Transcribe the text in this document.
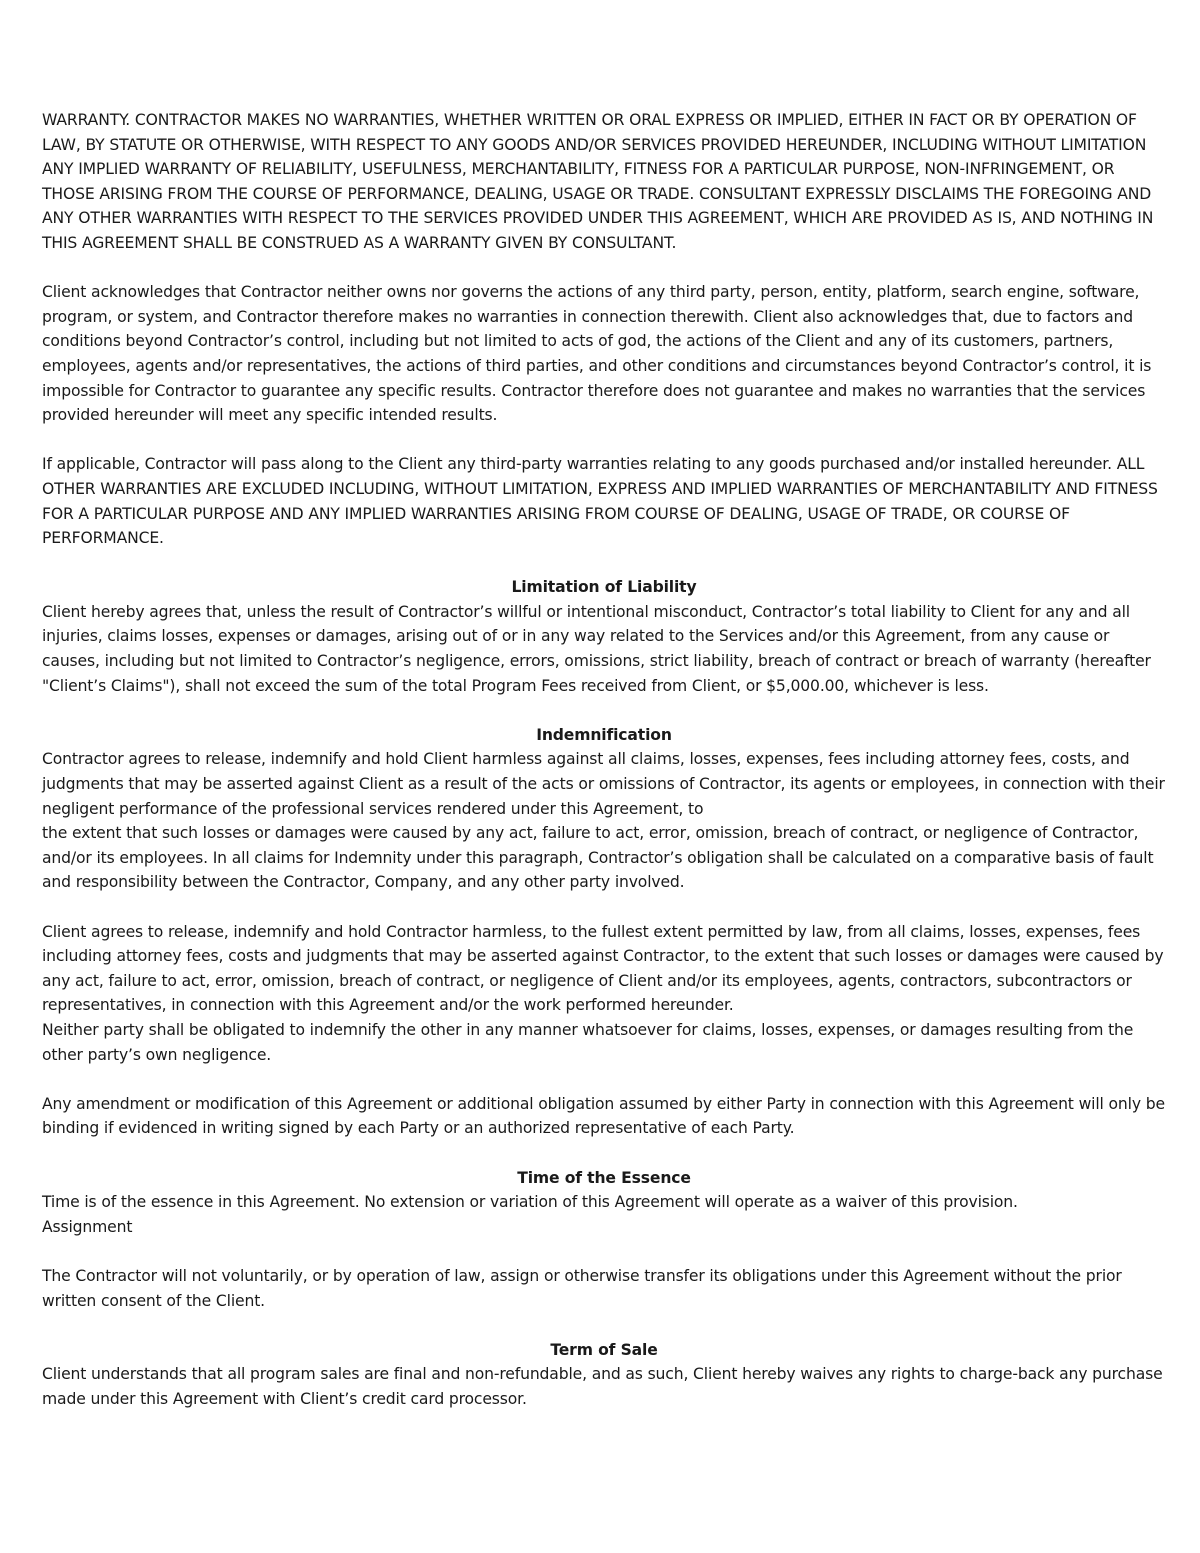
WARRANTY. CONTRACTOR MAKES NO WARRANTIES, WHETHER WRITTEN OR ORAL EXPRESS OR IMPLIED, EITHER IN FACT OR BY OPERATION OF LAW, BY STATUTE OR OTHERWISE, WITH RESPECT TO ANY GOODS AND/OR SERVICES PROVIDED HEREUNDER, INCLUDING WITHOUT LIMITATION ANY IMPLIED WARRANTY OF RELIABILITY, USEFULNESS, MERCHANTABILITY, FITNESS FOR A PARTICULAR PURPOSE, NON-INFRINGEMENT, OR THOSE ARISING FROM THE COURSE OF PERFORMANCE, DEALING, USAGE OR TRADE. CONSULTANT EXPRESSLY DISCLAIMS THE FOREGOING AND ANY OTHER WARRANTIES WITH RESPECT TO THE SERVICES PROVIDED UNDER THIS AGREEMENT, WHICH ARE PROVIDED AS IS, AND NOTHING IN THIS AGREEMENT SHALL BE CONSTRUED AS A WARRANTY GIVEN BY CONSULTANT.

Client acknowledges that Contractor neither owns nor governs the actions of any third party, person, entity, platform, search engine, software, program, or system, and Contractor therefore makes no warranties in connection therewith. Client also acknowledges that, due to factors and conditions beyond Contractor’s control, including but not limited to acts of god, the actions of the Client and any of its customers, partners, employees, agents and/or representatives, the actions of third parties, and other conditions and circumstances beyond Contractor’s control, it is impossible for Contractor to guarantee any specific results. Contractor therefore does not guarantee and makes no warranties that the services provided hereunder will meet any specific intended results.

If applicable, Contractor will pass along to the Client any third-party warranties relating to any goods purchased and/or installed hereunder. ALL OTHER WARRANTIES ARE EXCLUDED INCLUDING, WITHOUT LIMITATION, EXPRESS AND IMPLIED WARRANTIES OF MERCHANTABILITY AND FITNESS FOR A PARTICULAR PURPOSE AND ANY IMPLIED WARRANTIES ARISING FROM COURSE OF DEALING, USAGE OF TRADE, OR COURSE OF PERFORMANCE.

Limitation of Liability

Client hereby agrees that, unless the result of Contractor’s willful or intentional misconduct, Contractor’s total liability to Client for any and all injuries, claims losses, expenses or damages, arising out of or in any way related to the Services and/or this Agreement, from any cause or causes, including but not limited to Contractor’s negligence, errors, omissions, strict liability, breach of contract or breach of warranty (hereafter "Client’s Claims"), shall not exceed the sum of the total Program Fees received from Client, or $5,000.00, whichever is less.

Indemnification

Contractor agrees to release, indemnify and hold Client harmless against all claims, losses, expenses, fees including attorney fees, costs, and judgments that may be asserted against Client as a result of the acts or omissions of Contractor, its agents or employees, in connection with their negligent performance of the professional services rendered under this Agreement, to

the extent that such losses or damages were caused by any act, failure to act, error, omission, breach of contract, or negligence of Contractor, and/or its employees. In all claims for Indemnity under this paragraph, Contractor’s obligation shall be calculated on a comparative basis of fault and responsibility between the Contractor, Company, and any other party involved.

Client agrees to release, indemnify and hold Contractor harmless, to the fullest extent permitted by law, from all claims, losses, expenses, fees including attorney fees, costs and judgments that may be asserted against Contractor, to the extent that such losses or damages were caused by any act, failure to act, error, omission, breach of contract, or negligence of Client and/or its employees, agents, contractors, subcontractors or representatives, in connection with this Agreement and/or the work performed hereunder.

Neither party shall be obligated to indemnify the other in any manner whatsoever for claims, losses, expenses, or damages resulting from the other party’s own negligence.

Any amendment or modification of this Agreement or additional obligation assumed by either Party in connection with this Agreement will only be binding if evidenced in writing signed by each Party or an authorized representative of each Party.

Time of the Essence

Time is of the essence in this Agreement. No extension or variation of this Agreement will operate as a waiver of this provision.

Assignment

The Contractor will not voluntarily, or by operation of law, assign or otherwise transfer its obligations under this Agreement without the prior written consent of the Client.

Term of Sale

Client understands that all program sales are final and non-refundable, and as such, Client hereby waives any rights to charge-back any purchase made under this Agreement with Client’s credit card processor.
